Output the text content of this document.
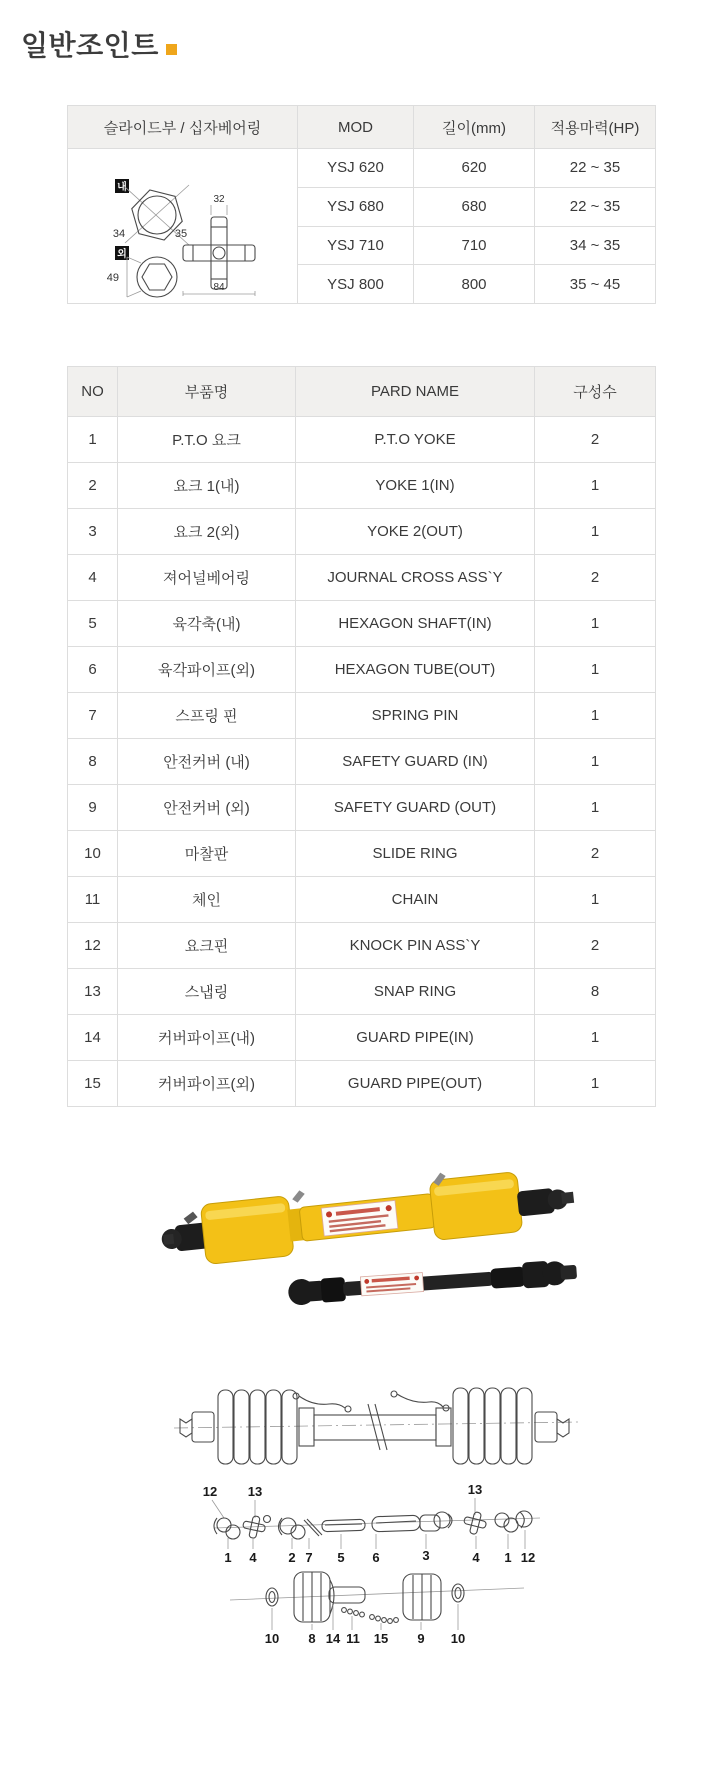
일반조인트
슬라이드부 / 십자베어링	MOD	길이(mm)	적용마력(HP)

내
34	35
외
49
32
84
	YSJ 620	620	22 ~ 35
	YSJ 680	680	22 ~ 35
	YSJ 710	710	34 ~ 35
	YSJ 800	800	35 ~ 45
NO	부품명	PARD NAME	구성수
1	P.T.O 요크	P.T.O YOKE	2
2	요크 1(내)	YOKE 1(IN)	1
3	요크 2(외)	YOKE 2(OUT)	1
4	져어널베어링	JOURNAL CROSS ASS`Y	2
5	육각축(내)	HEXAGON SHAFT(IN)	1
6	육각파이프(외)	HEXAGON TUBE(OUT)	1
7	스프링 핀	SPRING PIN	1
8	안전커버 (내)	SAFETY GUARD (IN)	1
9	안전커버 (외)	SAFETY GUARD (OUT)	1
10	마찰판	SLIDE RING	2
11	체인	CHAIN	1
12	요크핀	KNOCK PIN ASS`Y	2
13	스냅링	SNAP RING	8
14	커버파이프(내)	GUARD PIPE(IN)	1
15	커버파이프(외)	GUARD PIPE(OUT)	1
12 13	13
1 4 2 7 5 6	3	4 1 12
10 8 14 11 15 9 10
